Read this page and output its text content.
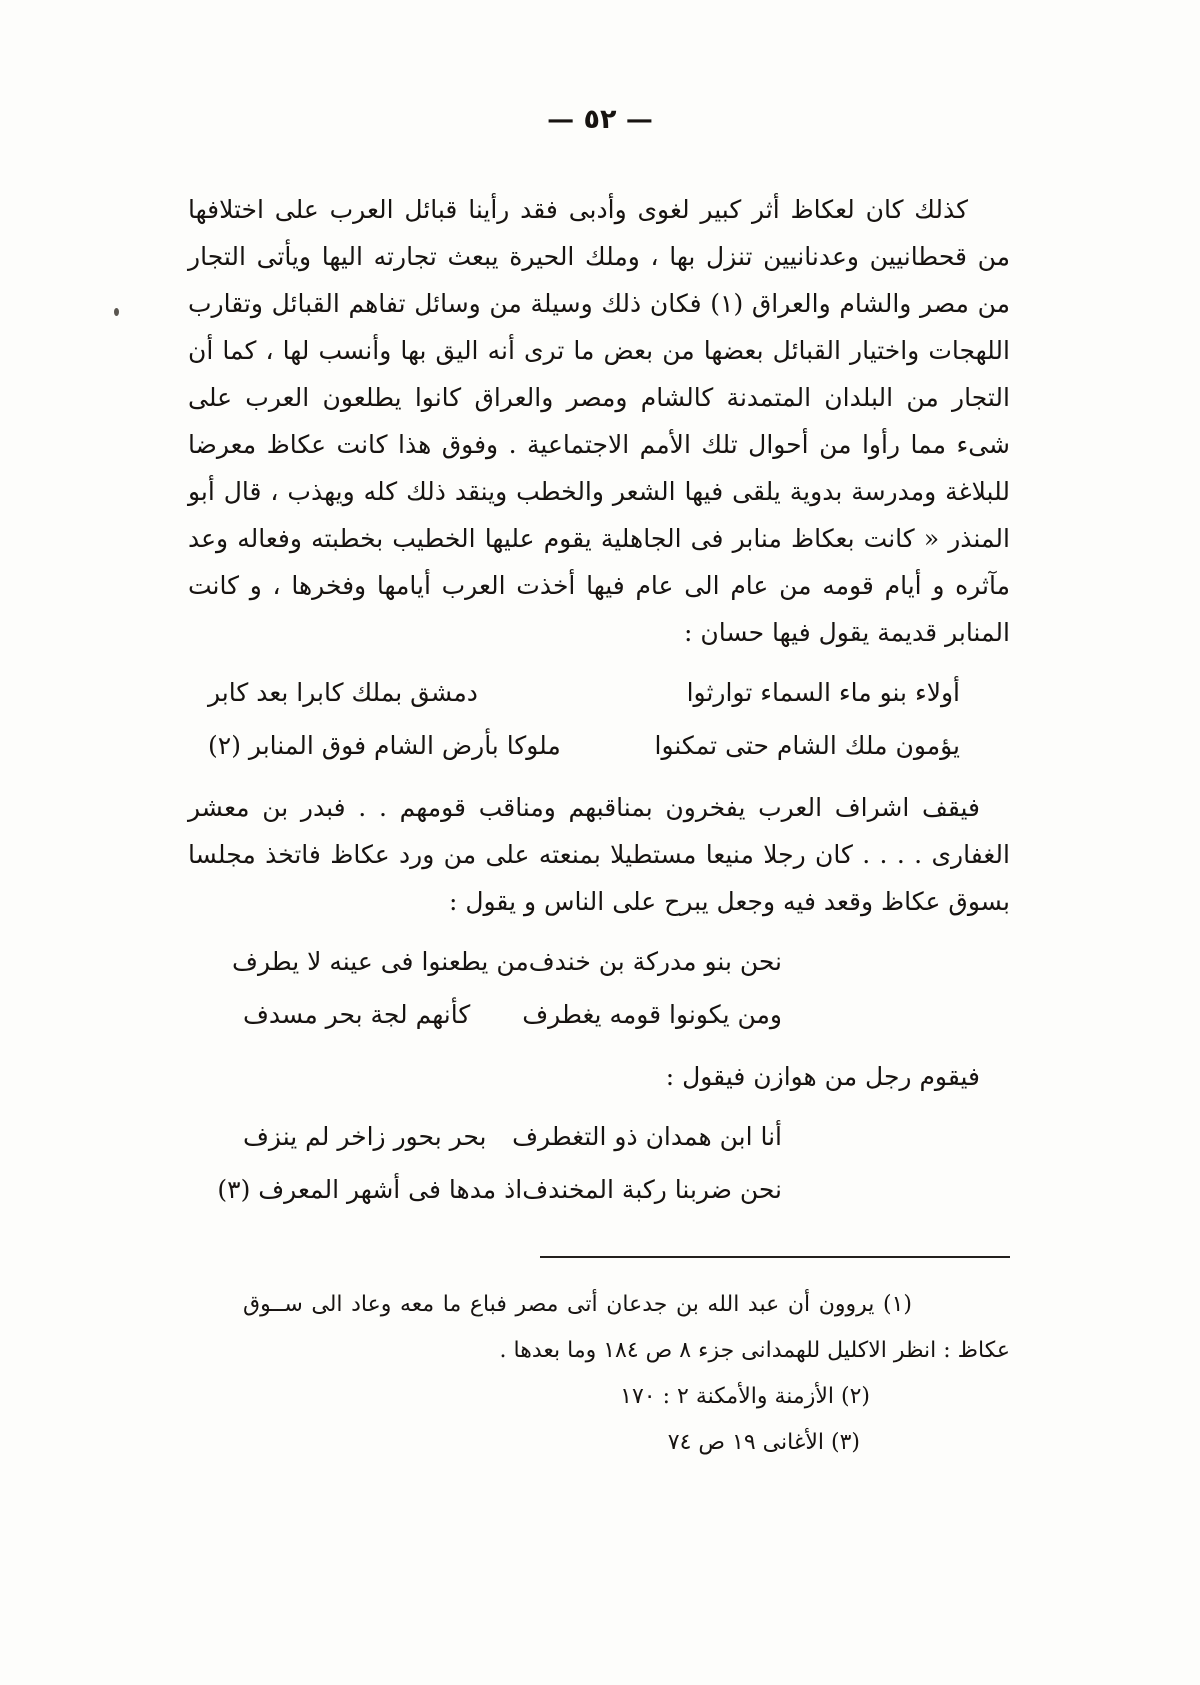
— ٥٢ —

كذلك كان لعكاظ أثر كبير لغوى وأدبى فقد رأينا قبائل العرب على اختلافها من قحطانيين وعدنانيين تنزل بها ، وملك الحيرة يبعث تجارته اليها ويأتى التجار من مصر والشام والعراق (١) فكان ذلك وسيلة من وسائل تفاهم القبائل وتقارب اللهجات واختيار القبائل بعضها من بعض ما ترى أنه اليق بها وأنسب لها ، كما أن التجار من البلدان المتمدنة كالشام ومصر والعراق كانوا يطلعون العرب على شىء مما رأوا من أحوال تلك الأمم الاجتماعية . وفوق هذا كانت عكاظ معرضا للبلاغة ومدرسة بدوية يلقى فيها الشعر والخطب وينقد ذلك كله ويهذب ، قال أبو المنذر « كانت بعكاظ منابر فى الجاهلية يقوم عليها الخطيب بخطبته وفعاله وعد مآثره و أيام قومه من عام الى عام فيها أخذت العرب أيامها وفخرها ، و كانت المنابر قديمة يقول فيها حسان :

أولاء بنو ماء السماء توارثوا
دمشق بملك كابرا بعد كابر
يؤمون ملك الشام حتى تمكنوا
ملوكا بأرض الشام فوق المنابر (٢)

فيقف اشراف العرب يفخرون بمناقبهم ومناقب قومهم . . فبدر بن معشر الغفارى . . . . كان رجلا منيعا مستطيلا بمنعته على من ورد عكاظ فاتخذ مجلسا بسوق عكاظ وقعد فيه وجعل يبرح على الناس و يقول :

نحن بنو مدركة بن خندف
من يطعنوا فى عينه لا يطرف
ومن يكونوا قومه يغطرف
كأنهم لجة بحر مسدف

فيقوم رجل من هوازن فيقول :

أنا ابن همدان ذو التغطرف
بحر بحور زاخر لم ينزف
نحن ضربنا ركبة المخندف
اذ مدها فى أشهر المعرف (٣)

(١) يروون أن عبد الله بن جدعان أتى مصر فباع ما معه وعاد الى ســوق عكاظ : انظر الاكليل للهمدانى جزء ٨ ص ١٨٤ وما بعدها .

(٢) الأزمنة والأمكنة ٢ : ١٧٠

(٣) الأغانى ١٩ ص ٧٤
